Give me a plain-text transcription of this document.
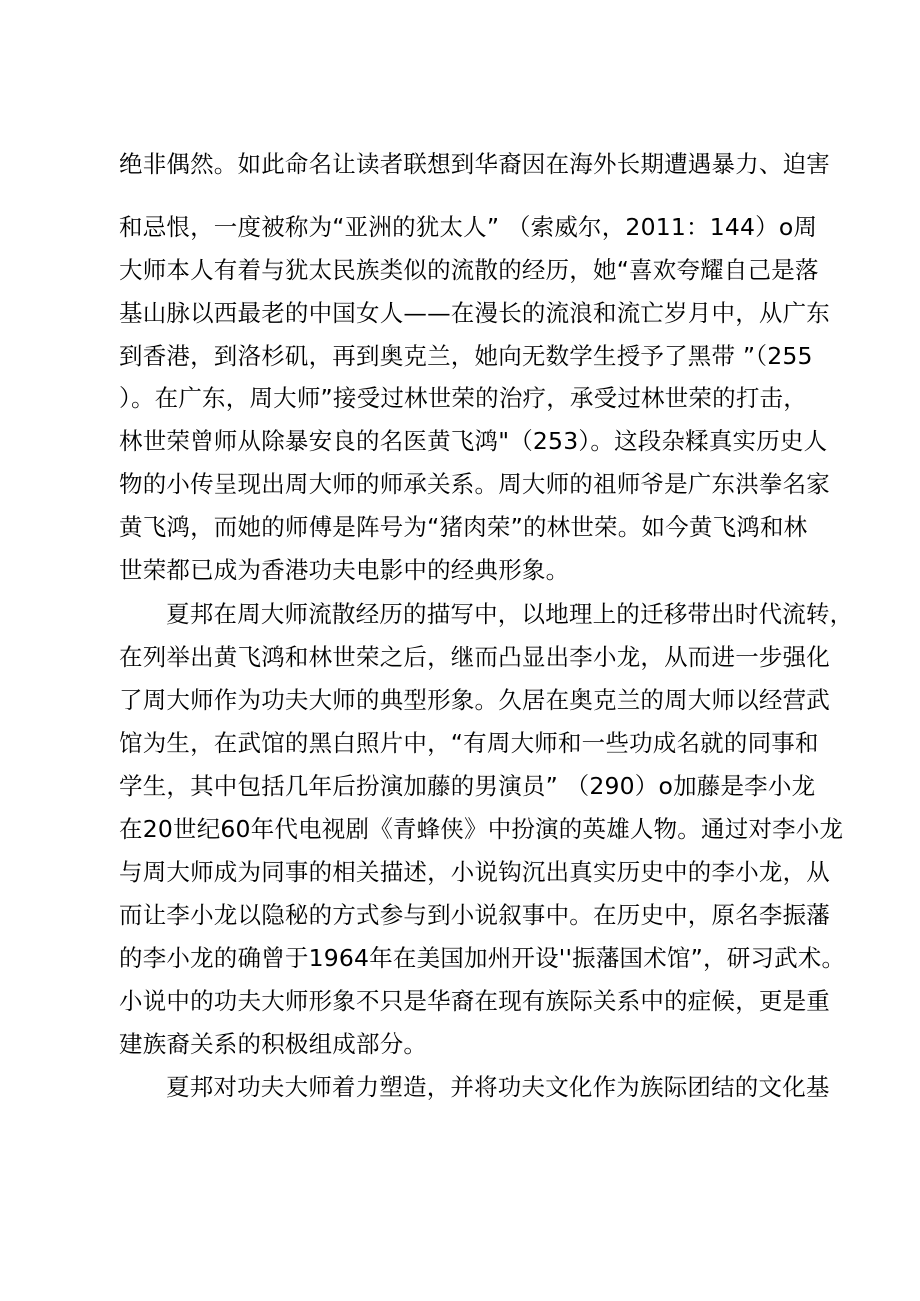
绝非偶然。如此命名让读者联想到华裔因在海外长期遭遇暴力、迫害
和忌恨，一度被称为“亚洲的犹太人” （索威尔，2011：144）o周
大师本人有着与犹太民族类似的流散的经历，她“喜欢夸耀自己是落
基山脉以西最老的中国女人——在漫长的流浪和流亡岁月中，从广东
到香港，到洛杉矶，再到奥克兰，她向无数学生授予了黑带 ”（255
）。在广东，周大师”接受过林世荣的治疗，承受过林世荣的打击，
林世荣曾师从除暴安良的名医黄飞鸿"（253）。这段杂糅真实历史人
物的小传呈现出周大师的师承关系。周大师的祖师爷是广东洪拳名家
黄飞鸿，而她的师傅是阵号为“猪肉荣”的林世荣。如今黄飞鸿和林
世荣都已成为香港功夫电影中的经典形象。
夏邦在周大师流散经历的描写中，以地理上的迁移带出时代流转，
在列举出黄飞鸿和林世荣之后，继而凸显出李小龙，从而进一步强化
了周大师作为功夫大师的典型形象。久居在奥克兰的周大师以经营武
馆为生，在武馆的黑白照片中，“有周大师和一些功成名就的同事和
学生，其中包括几年后扮演加藤的男演员” （290）o加藤是李小龙
在20世纪60年代电视剧《青蜂侠》中扮演的英雄人物。通过对李小龙
与周大师成为同事的相关描述，小说钩沉出真实历史中的李小龙，从
而让李小龙以隐秘的方式参与到小说叙事中。在历史中，原名李振藩
的李小龙的确曾于1964年在美国加州开设''振藩国术馆”，研习武术。
小说中的功夫大师形象不只是华裔在现有族际关系中的症候，更是重
建族裔关系的积极组成部分。
夏邦对功夫大师着力塑造，并将功夫文化作为族际团结的文化基
